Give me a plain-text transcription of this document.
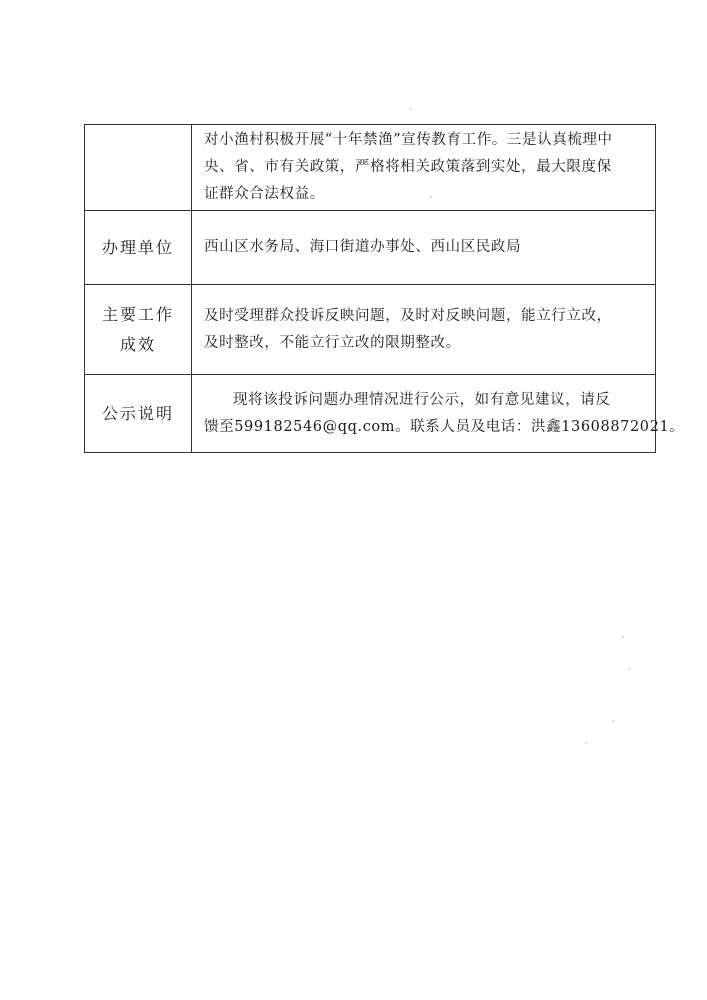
	对小渔村积极开展“十年禁渔”宣传教育工作。三是认真梳理中
央、省、市有关政策，严格将相关政策落到实处，最大限度保
证群众合法权益。

办理单位	西山区水务局、海口街道办事处、西山区民政局

主要工作
成效	及时受理群众投诉反映问题，及时对反映问题，能立行立改，
及时整改，不能立行立改的限期整改。

公示说明	现将该投诉问题办理情况进行公示，如有意见建议，请反
馈至599182546@qq.com。联系人员及电话：洪鑫13608872021。
